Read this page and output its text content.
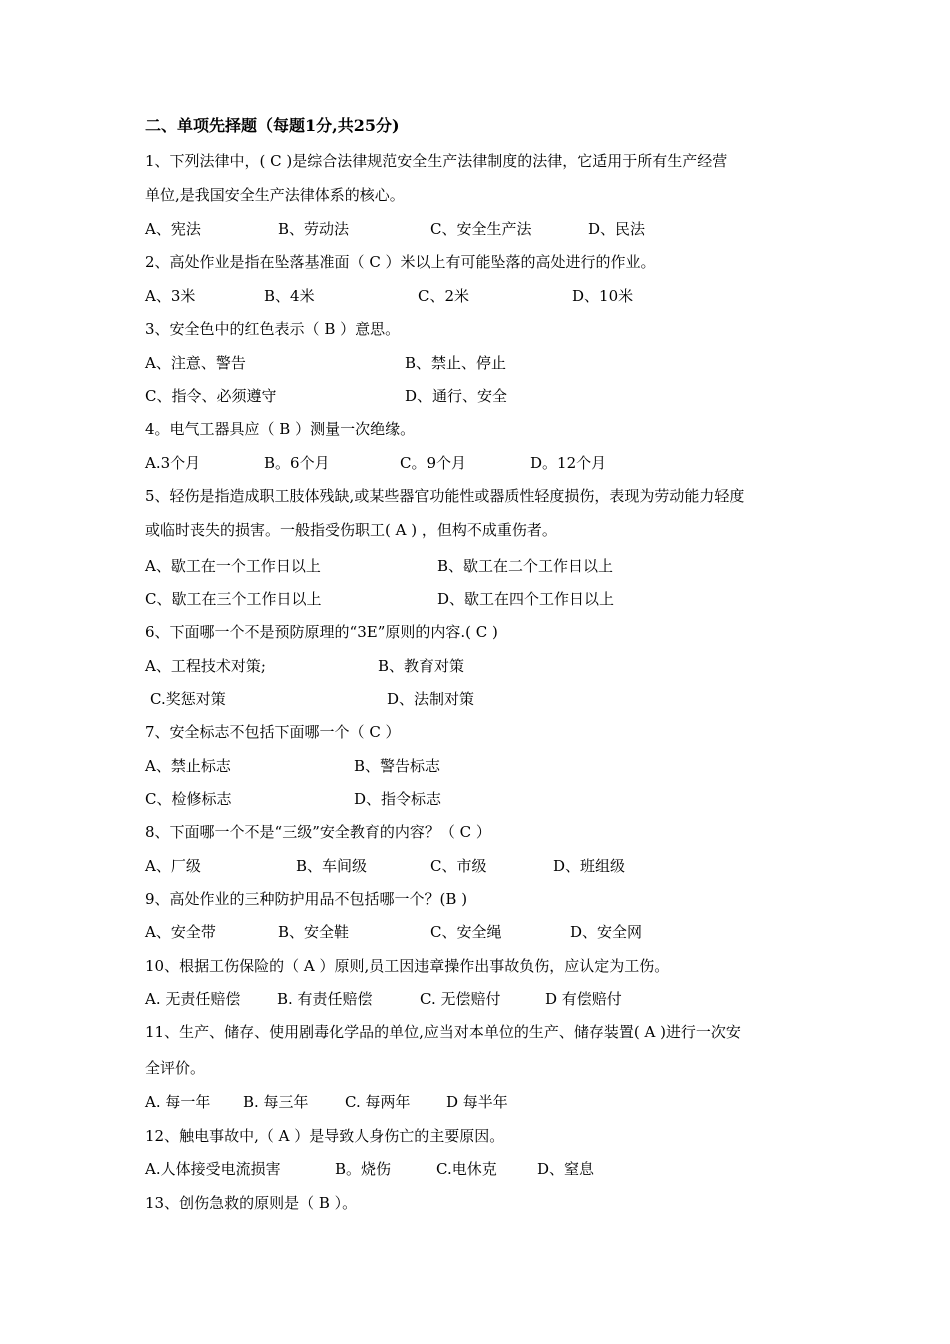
二、单项先择题（每题1分,共25分)
1、下列法律中，( C )是综合法律规范安全生产法律制度的法律，它适用于所有生产经营
单位,是我国安全生产法律体系的核心。
A、宪法	B、劳动法	C、安全生产法	D、民法
2、高处作业是指在坠落基准面（ C ）米以上有可能坠落的高处进行的作业。
A、3米	B、4米	C、2米	D、10米
3、安全色中的红色表示（ B ）意思。
A、注意、警告	B、禁止、停止
C、指令、必须遵守	D、通行、安全
4。电气工器具应（ B ）测量一次绝缘。
A.3个月	B。6个月	C。9个月	D。12个月
5、轻伤是指造成职工肢体残缺,或某些器官功能性或器质性轻度损伤，表现为劳动能力轻度
或临时丧失的损害。一般指受伤职工( A ) ，但构不成重伤者。
A、歇工在一个工作日以上	B、歇工在二个工作日以上
C、歇工在三个工作日以上	D、歇工在四个工作日以上
6、下面哪一个不是预防原理的“3E”原则的内容.( C )
A、工程技术对策;	B、教育对策
C.奖惩对策	D、法制对策
7、安全标志不包括下面哪一个（ C ）
A、禁止标志	B、警告标志
C、检修标志	D、指令标志
8、下面哪一个不是“三级”安全教育的内容？（ C ）
A、厂级	B、车间级	C、市级	D、班组级
9、高处作业的三种防护用品不包括哪一个？(B )
A、安全带	B、安全鞋	C、安全绳	D、安全网
10、根据工伤保险的（ A ）原则,员工因违章操作出事故负伤，应认定为工伤。
A. 无责任赔偿 B. 有责任赔偿	C. 无偿赔付	D 有偿赔付
11、生产、储存、使用剧毒化学品的单位,应当对本单位的生产、储存装置( A )进行一次安
全评价。
A. 每一年 B. 每三年 C. 每两年 D 每半年
12、触电事故中,（ A ）是导致人身伤亡的主要原因。
A.人体接受电流损害	B。烧伤	C.电休克	D、窒息
13、创伤急救的原则是（ B ）。
